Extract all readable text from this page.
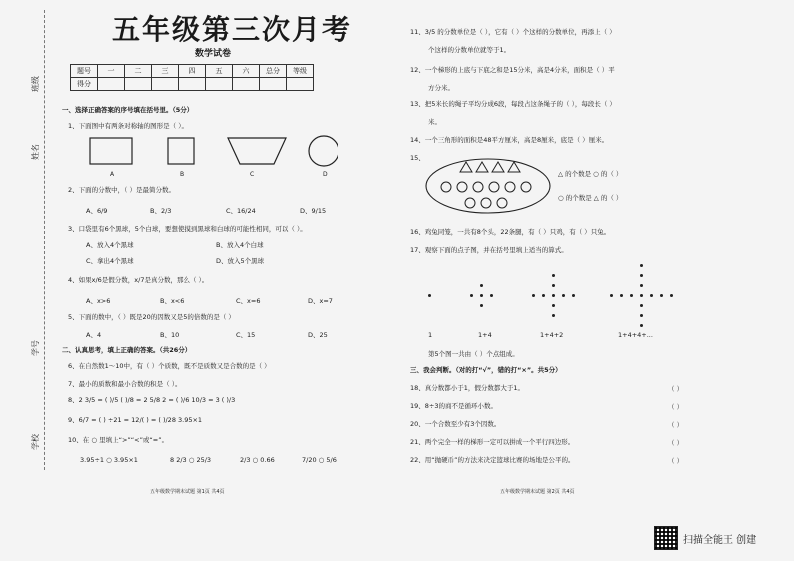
班级
姓名
学号
学校
五年级第三次月考
数学试卷
题号	一	二	三	四	五	六	总分	等级
得分								
一、选择正确答案的序号填在括号里。（5分）
1、下面图中有两条对称轴的图形是（ ）。
A	B	C	D
2、下面的分数中，（ ）是最简分数。
A、6/9	B、2/3	C、16/24	D、9/15
3、口袋里有6个黑球，5个白球，要想使摸到黑球和白球的可能性相同，可以（ ）。
A、放入4个黑球	B、放入4个白球
C、拿出4个黑球	D、放入5个黑球
4、如果x/6是假分数，x/7是真分数，那么（ ）。
A、x>6	B、x<6	C、x=6	D、x=7
5、下面的数中，（ ）既是20的因数又是5的倍数的是（ ）
A、4	B、10	C、15	D、25
二、认真思考，填上正确的答案。（共26分）
6、在自然数1～10中，有（ ）个质数，既不是质数又是合数的是（ ）
7、最小的质数和最小合数的积是（ ）。
8、2 3/5 = ( )/5 ( )/8 = 2 5/8 2 = ( )/6 10/3 = 3 ( )/3
9、6/7 = ( ) ÷21 = 12/( ) = ( )/28 3.95×1
10、在 ○ 里填上“>”“<”或“=”。
3.95÷1 ○ 3.95×1	8 2/3 ○ 25/3	2/3 ○ 0.66	7/20 ○ 5/6
五年级数学期末试题 第1页 共4页
11、3/5 的分数单位是（ ），它有（ ）个这样的分数单位，再添上（ ）
个这样的分数单位就等于1。
12、一个梯形的上底与下底之和是15分米，高是4分米，面积是（ ）平
方分米。
13、把5米长的绳子平均分成6段，每段占这条绳子的（ ），每段长（ ）
米。
14、一个三角形的面积是48平方厘米，高是8厘米，底是（ ）厘米。
15、
△ 的个数是 ○ 的（ ）
○ 的个数是 △ 的（ ）
16、鸡兔同笼，一共有8个头，22条腿，有（ ）只鸡，有（ ）只兔。
17、观察下面的点子图，并在括号里填上适当的算式。
1	1+4	1+4+2	1+4+4+...
第5个图一共由（ ）个点组成。
三、我会判断。（对的打“√”，错的打“×”。共5分）
18、真分数都小于1，假分数都大于1。	（ ）
19、8÷3的商不是循环小数。	（ ）
20、一个合数至少有3个因数。	（ ）
21、两个完全一样的梯形一定可以拼成一个平行四边形。	（ ）
22、用“抛硬币”的方法来决定篮球比赛的场地是公平的。	（ ）
五年级数学期末试题 第2页 共4页
扫描全能王 创建
